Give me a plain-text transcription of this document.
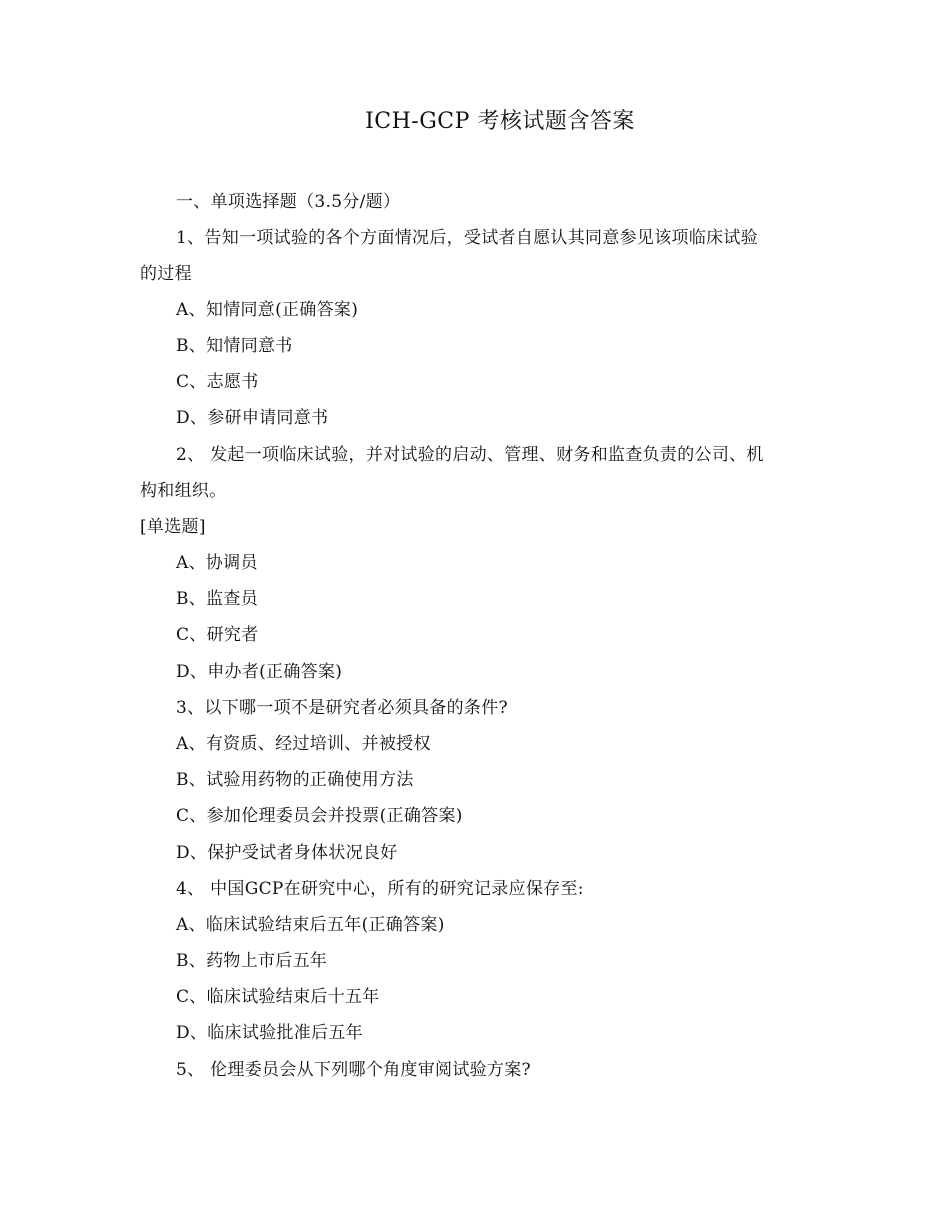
ICH-GCP 考核试题含答案
一、单项选择题（3.5分/题）
1、告知一项试验的各个方面情况后，受试者自愿认其同意参见该项临床试验
的过程
A、知情同意(正确答案)
B、知情同意书
C、志愿书
D、参研申请同意书
2、 发起一项临床试验，并对试验的启动、管理、财务和监查负责的公司、机
构和组织。
[单选题]
A、协调员
B、监查员
C、研究者
D、申办者(正确答案)
3、以下哪一项不是研究者必须具备的条件?
A、有资质、经过培训、并被授权
B、试验用药物的正确使用方法
C、参加伦理委员会并投票(正确答案)
D、保护受试者身体状况良好
4、 中国GCP在研究中心，所有的研究记录应保存至:
A、临床试验结束后五年(正确答案)
B、药物上市后五年
C、临床试验结束后十五年
D、临床试验批准后五年
5、 伦理委员会从下列哪个角度审阅试验方案?
